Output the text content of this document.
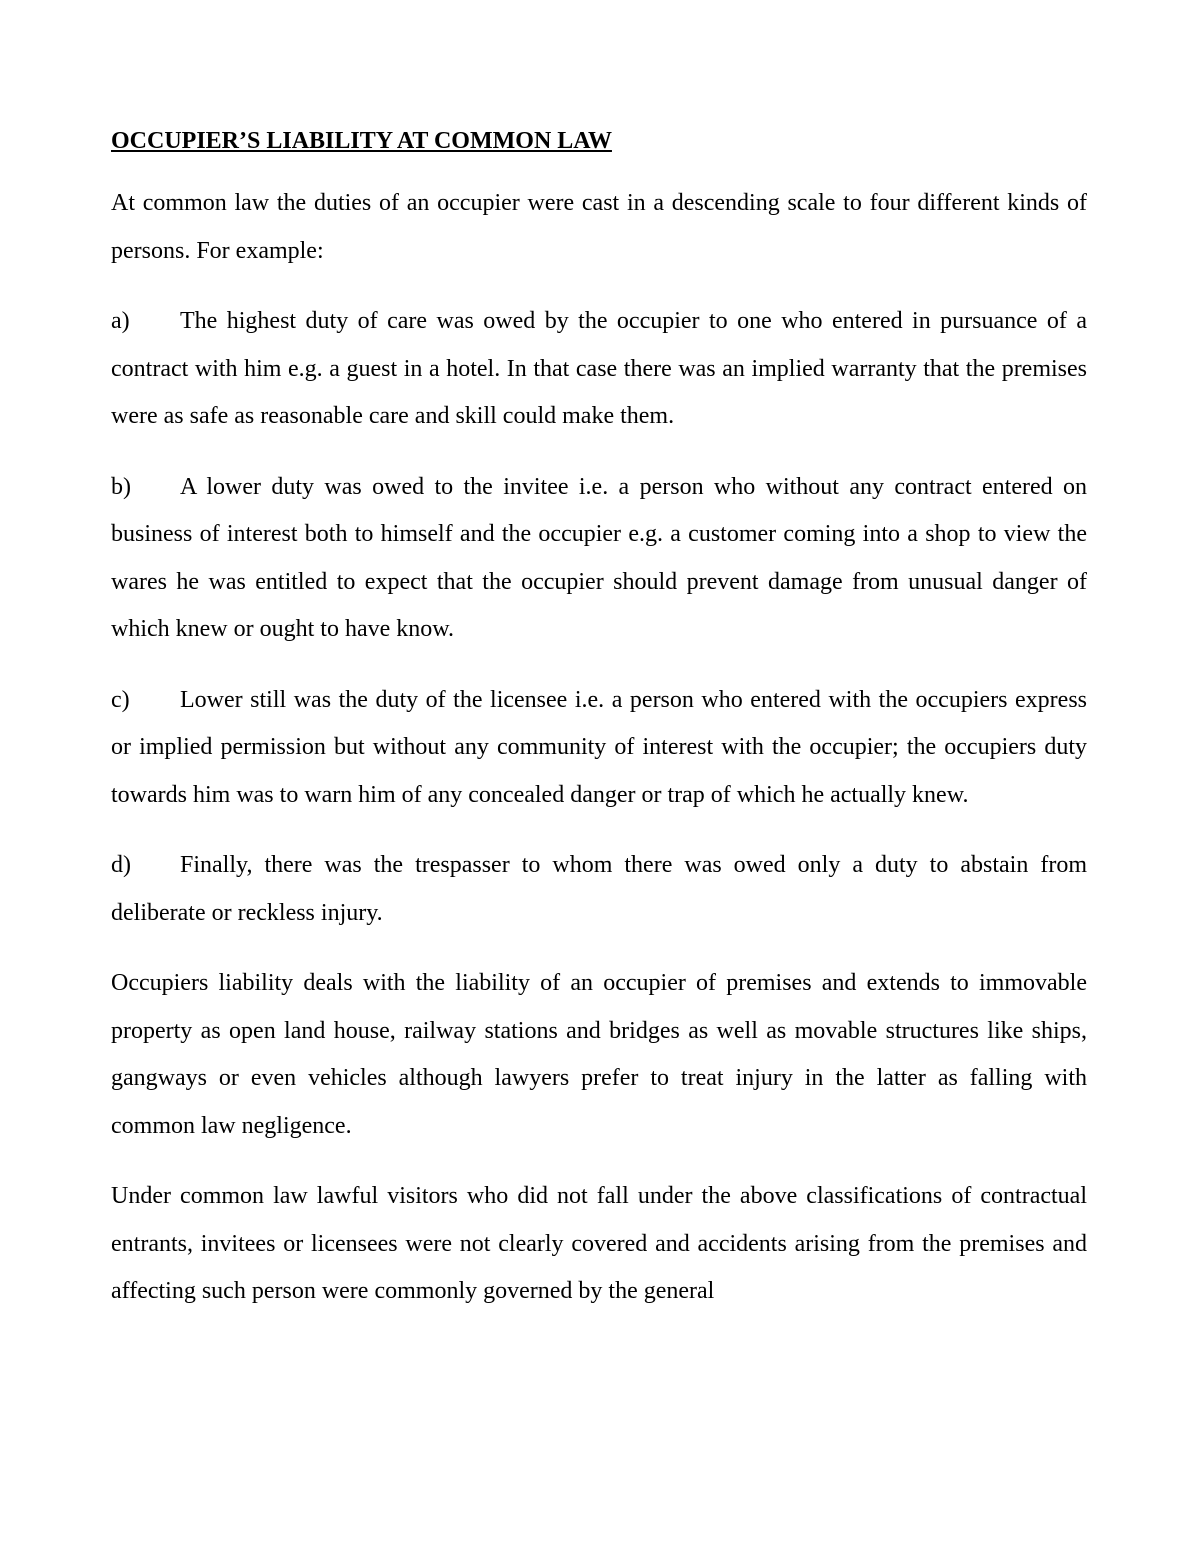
OCCUPIER’S LIABILITY AT COMMON LAW
At common law the duties of an occupier were cast in a descending scale to four different kinds of persons. For example:
a) The highest duty of care was owed by the occupier to one who entered in pursuance of a contract with him e.g. a guest in a hotel. In that case there was an implied warranty that the premises were as safe as reasonable care and skill could make them.
b) A lower duty was owed to the invitee i.e. a person who without any contract entered on business of interest both to himself and the occupier e.g. a customer coming into a shop to view the wares he was entitled to expect that the occupier should prevent damage from unusual danger of which knew or ought to have know.
c) Lower still was the duty of the licensee i.e. a person who entered with the occupiers express or implied permission but without any community of interest with the occupier; the occupiers duty towards him was to warn him of any concealed danger or trap of which he actually knew.
d) Finally, there was the trespasser to whom there was owed only a duty to abstain from deliberate or reckless injury.
Occupiers liability deals with the liability of an occupier of premises and extends to immovable property as open land house, railway stations and bridges as well as movable structures like ships, gangways or even vehicles although lawyers prefer to treat injury in the latter as falling with common law negligence.
Under common law lawful visitors who did not fall under the above classifications of contractual entrants, invitees or licensees were not clearly covered and accidents arising from the premises and affecting such person were commonly governed by the general
